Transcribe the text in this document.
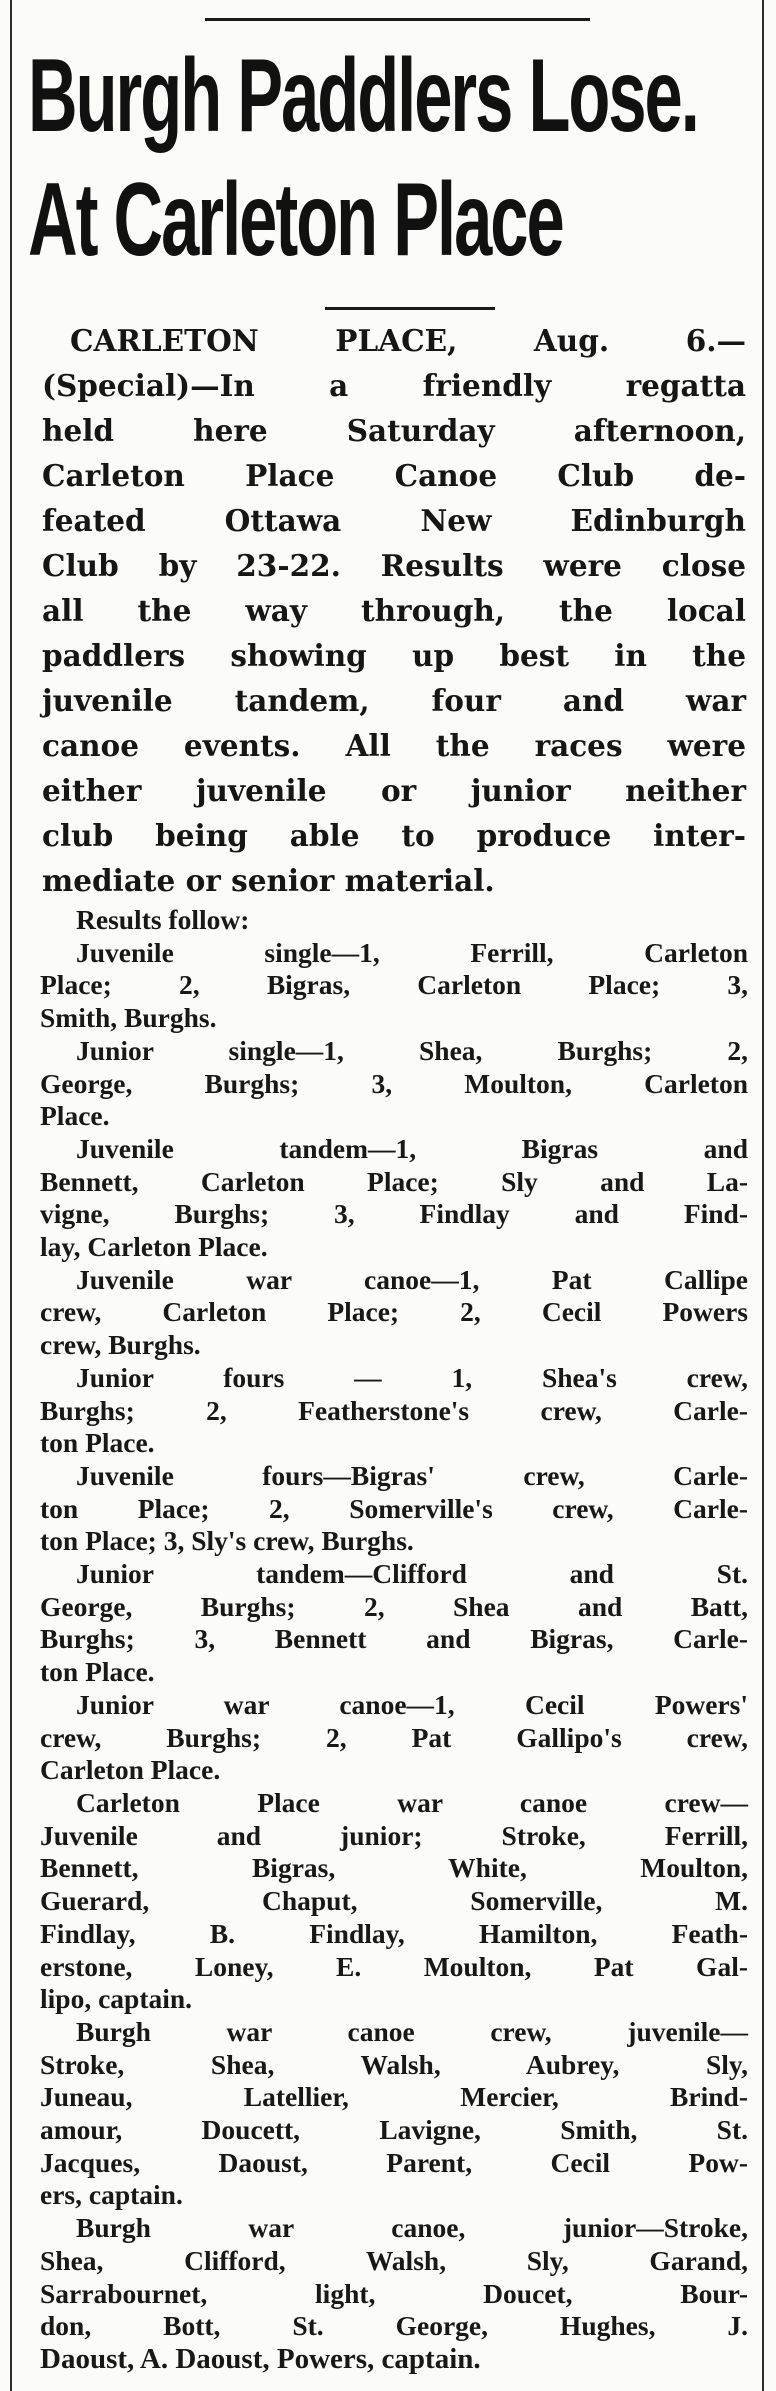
Burgh Paddlers Lose.
At Carleton Place
CARLETON PLACE, Aug. 6.—
(Special)—In a friendly regatta
held here Saturday afternoon,
Carleton Place Canoe Club de-
feated Ottawa New Edinburgh
Club by 23-22. Results were close
all the way through, the local
paddlers showing up best in the
juvenile tandem, four and war
canoe events. All the races were
either juvenile or junior neither
club being able to produce inter-
mediate or senior material.
Results follow:
Juvenile single—1, Ferrill, Carleton
Place; 2, Bigras, Carleton Place; 3,
Smith, Burghs.
Junior single—1, Shea, Burghs; 2,
George, Burghs; 3, Moulton, Carleton
Place.
Juvenile tandem—1, Bigras and
Bennett, Carleton Place; Sly and La-
vigne, Burghs; 3, Findlay and Find-
lay, Carleton Place.
Juvenile war canoe—1, Pat Callipe
crew, Carleton Place; 2, Cecil Powers
crew, Burghs.
Junior fours — 1, Shea's crew,
Burghs; 2, Featherstone's crew, Carle-
ton Place.
Juvenile fours—Bigras' crew, Carle-
ton Place; 2, Somerville's crew, Carle-
ton Place; 3, Sly's crew, Burghs.
Junior tandem—Clifford and St.
George, Burghs; 2, Shea and Batt,
Burghs; 3, Bennett and Bigras, Carle-
ton Place.
Junior war canoe—1, Cecil Powers'
crew, Burghs; 2, Pat Gallipo's crew,
Carleton Place.
Carleton Place war canoe crew—
Juvenile and junior; Stroke, Ferrill,
Bennett, Bigras, White, Moulton,
Guerard, Chaput, Somerville, M.
Findlay, B. Findlay, Hamilton, Feath-
erstone, Loney, E. Moulton, Pat Gal-
lipo, captain.
Burgh war canoe crew, juvenile—
Stroke, Shea, Walsh, Aubrey, Sly,
Juneau, Latellier, Mercier, Brind-
amour, Doucett, Lavigne, Smith, St.
Jacques, Daoust, Parent, Cecil Pow-
ers, captain.
Burgh war canoe, junior—Stroke,
Shea, Clifford, Walsh, Sly, Garand,
Sarrabournet, light, Doucet, Bour-
don, Bott, St. George, Hughes, J.
Daoust, A. Daoust, Powers, captain.
